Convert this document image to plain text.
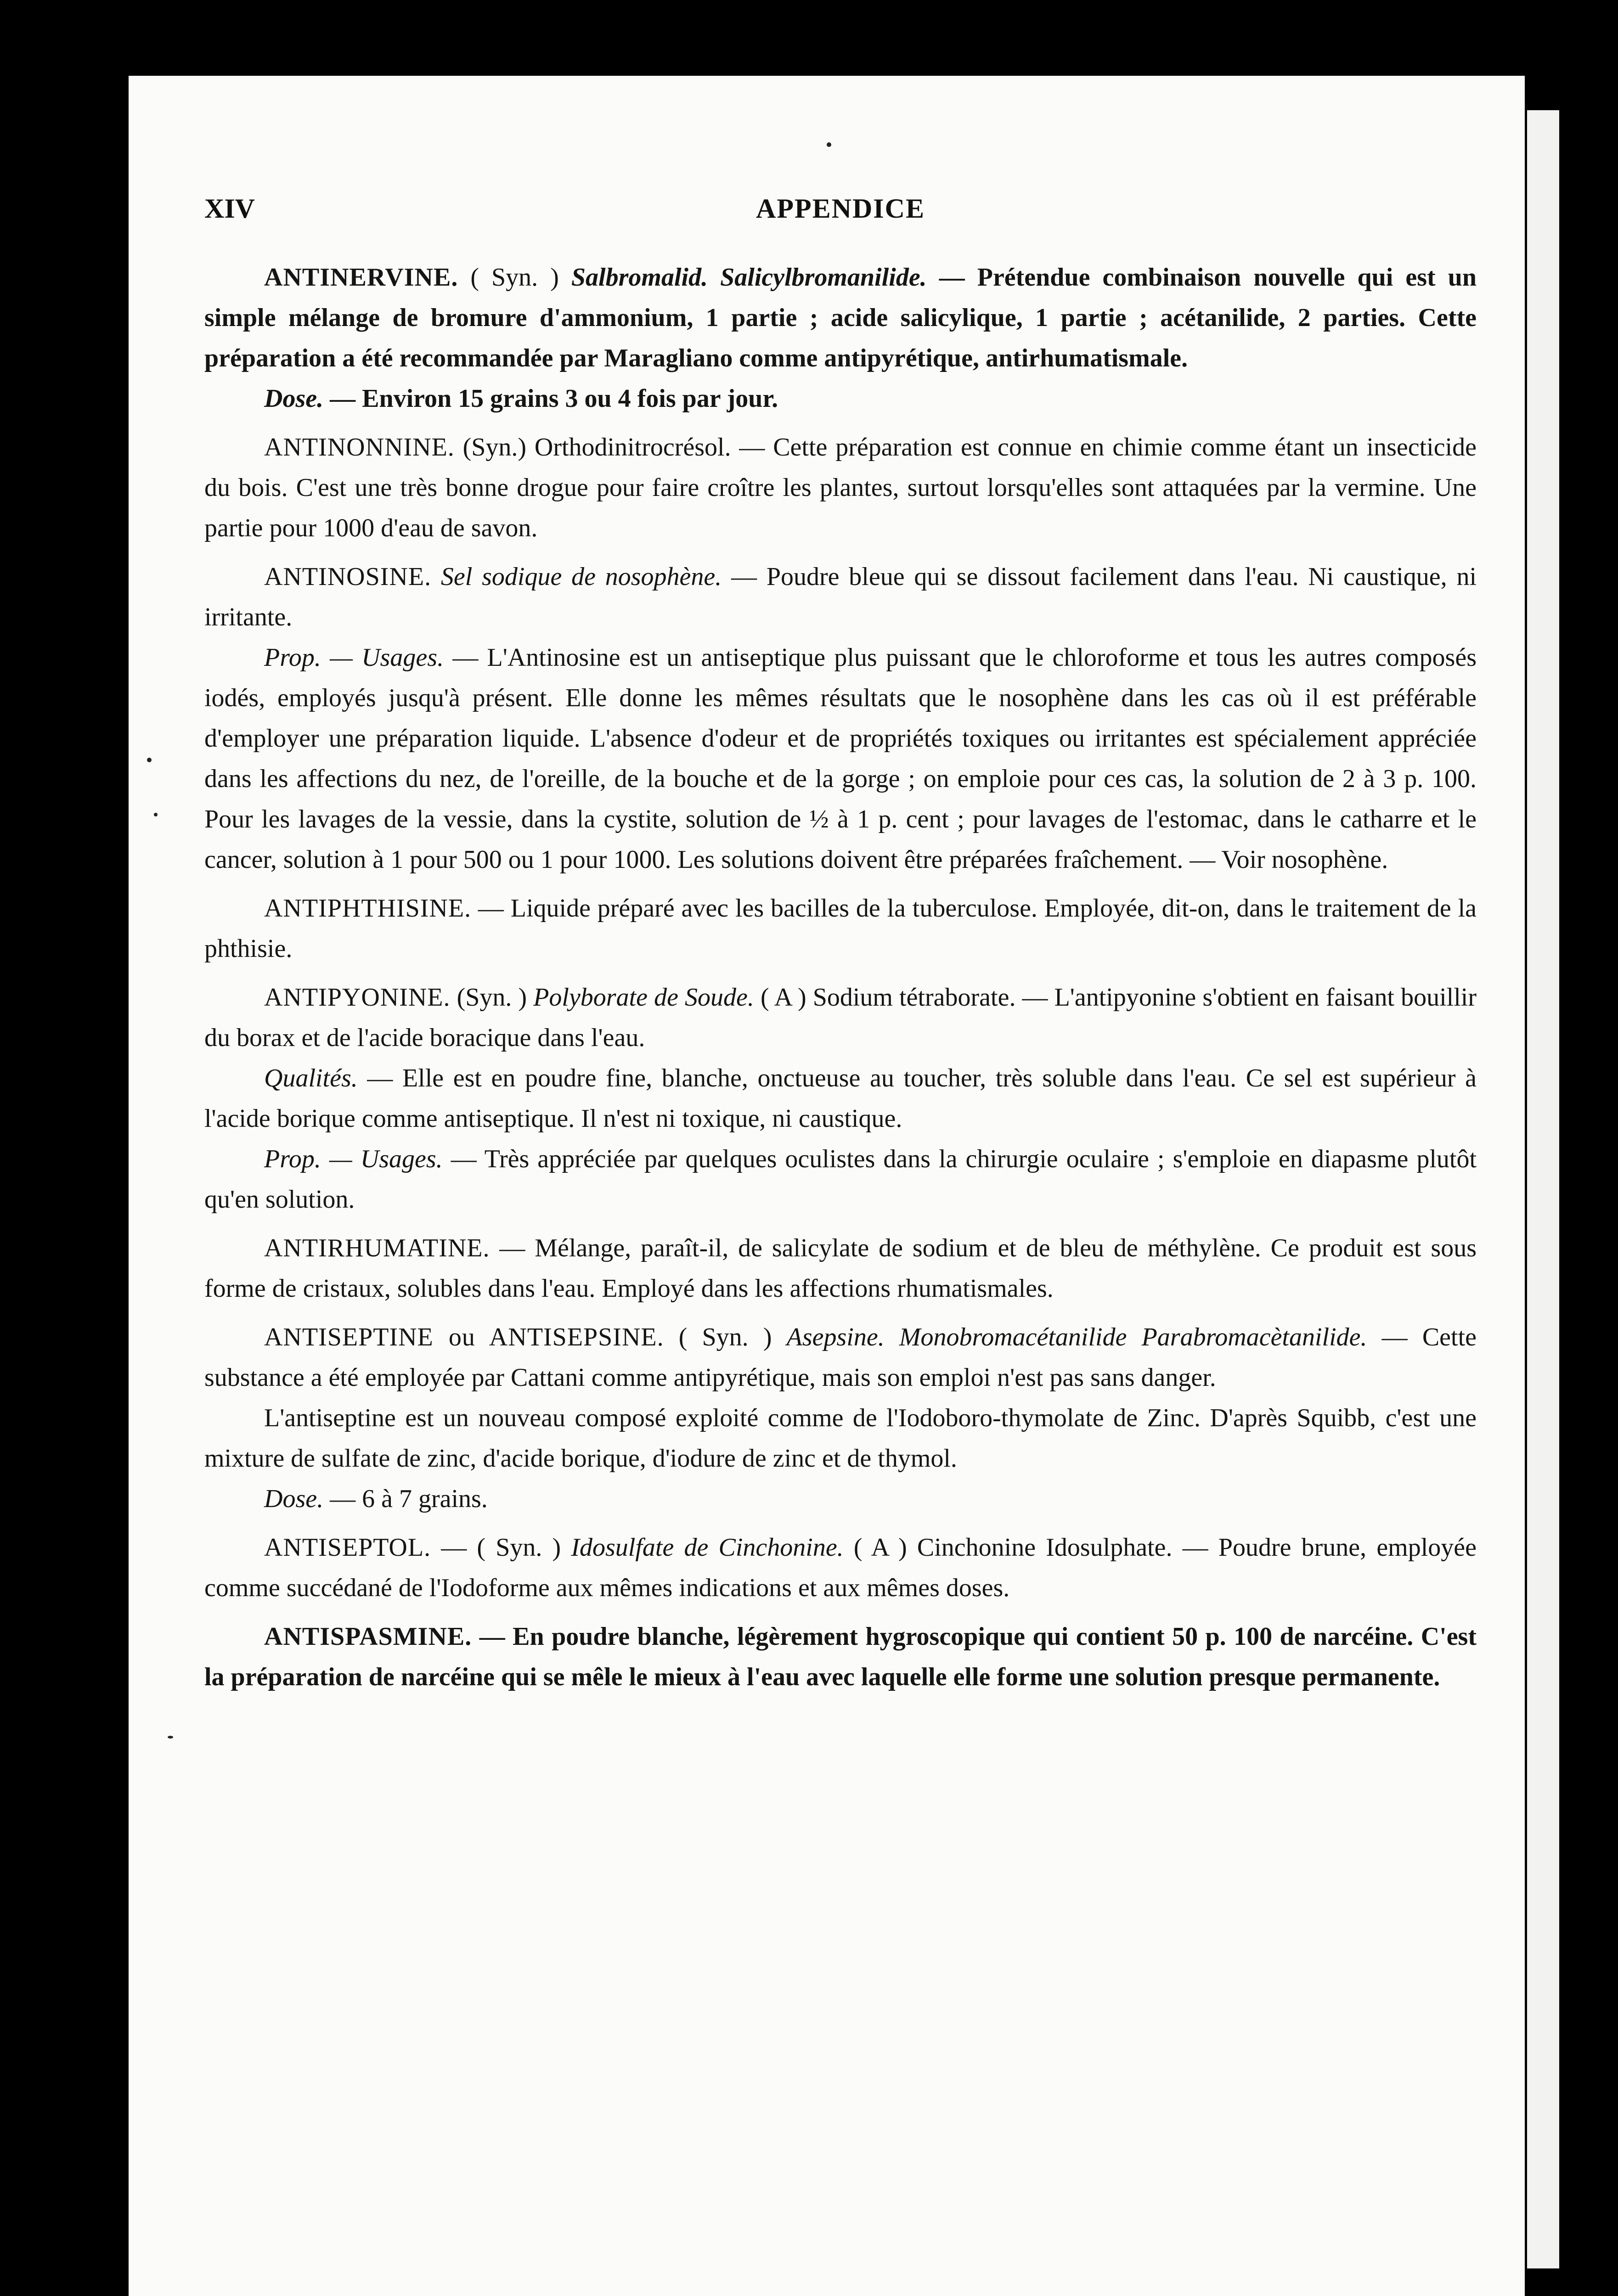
XIV	APPENDICE

ANTINERVINE. ( Syn. ) Salbromalid. Salicylbromanilide. — Prétendue combinaison nouvelle qui est un simple mélange de bromure d'ammonium, 1 partie ; acide salicylique, 1 partie ; acétanilide, 2 parties. Cette préparation a été recommandée par Maragliano comme antipyrétique, antirhumatismale.

Dose. — Environ 15 grains 3 ou 4 fois par jour.

ANTINONNINE. (Syn.) Orthodinitrocrésol. — Cette préparation est connue en chimie comme étant un insecticide du bois. C'est une très bonne drogue pour faire croître les plantes, surtout lorsqu'elles sont attaquées par la vermine. Une partie pour 1000 d'eau de savon.

ANTINOSINE. Sel sodique de nosophène. — Poudre bleue qui se dissout facilement dans l'eau. Ni caustique, ni irritante.

Prop. — Usages. — L'Antinosine est un antiseptique plus puissant que le chloroforme et tous les autres composés iodés, employés jusqu'à présent. Elle donne les mêmes résultats que le nosophène dans les cas où il est préférable d'employer une préparation liquide. L'absence d'odeur et de propriétés toxiques ou irritantes est spécialement appréciée dans les affections du nez, de l'oreille, de la bouche et de la gorge ; on emploie pour ces cas, la solution de 2 à 3 p. 100. Pour les lavages de la vessie, dans la cystite, solution de ½ à 1 p. cent ; pour lavages de l'estomac, dans le catharre et le cancer, solution à 1 pour 500 ou 1 pour 1000. Les solutions doivent être préparées fraîchement. — Voir nosophène.

ANTIPHTHISINE. — Liquide préparé avec les bacilles de la tuberculose. Employée, dit-on, dans le traitement de la phthisie.

ANTIPYONINE. (Syn. ) Polyborate de Soude. ( A ) Sodium tétraborate. — L'antipyonine s'obtient en faisant bouillir du borax et de l'acide boracique dans l'eau.

Qualités. — Elle est en poudre fine, blanche, onctueuse au toucher, très soluble dans l'eau. Ce sel est supérieur à l'acide borique comme antiseptique. Il n'est ni toxique, ni caustique.

Prop. — Usages. — Très appréciée par quelques oculistes dans la chirurgie oculaire ; s'emploie en diapasme plutôt qu'en solution.

ANTIRHUMATINE. — Mélange, paraît-il, de salicylate de sodium et de bleu de méthylène. Ce produit est sous forme de cristaux, solubles dans l'eau. Employé dans les affections rhumatismales.

ANTISEPTINE ou ANTISEPSINE. ( Syn. ) Asepsine. Monobromacétanilide Parabromacètanilide. — Cette substance a été employée par Cattani comme antipyrétique, mais son emploi n'est pas sans danger.

L'antiseptine est un nouveau composé exploité comme de l'Iodoboro-thymolate de Zinc. D'après Squibb, c'est une mixture de sulfate de zinc, d'acide borique, d'iodure de zinc et de thymol.

Dose. — 6 à 7 grains.

ANTISEPTOL. — ( Syn. ) Idosulfate de Cinchonine. ( A ) Cinchonine Idosulphate. — Poudre brune, employée comme succédané de l'Iodoforme aux mêmes indications et aux mêmes doses.

ANTISPASMINE. — En poudre blanche, légèrement hygroscopique qui contient 50 p. 100 de narcéine. C'est la préparation de narcéine qui se mêle le mieux à l'eau avec laquelle elle forme une solution presque permanente.
